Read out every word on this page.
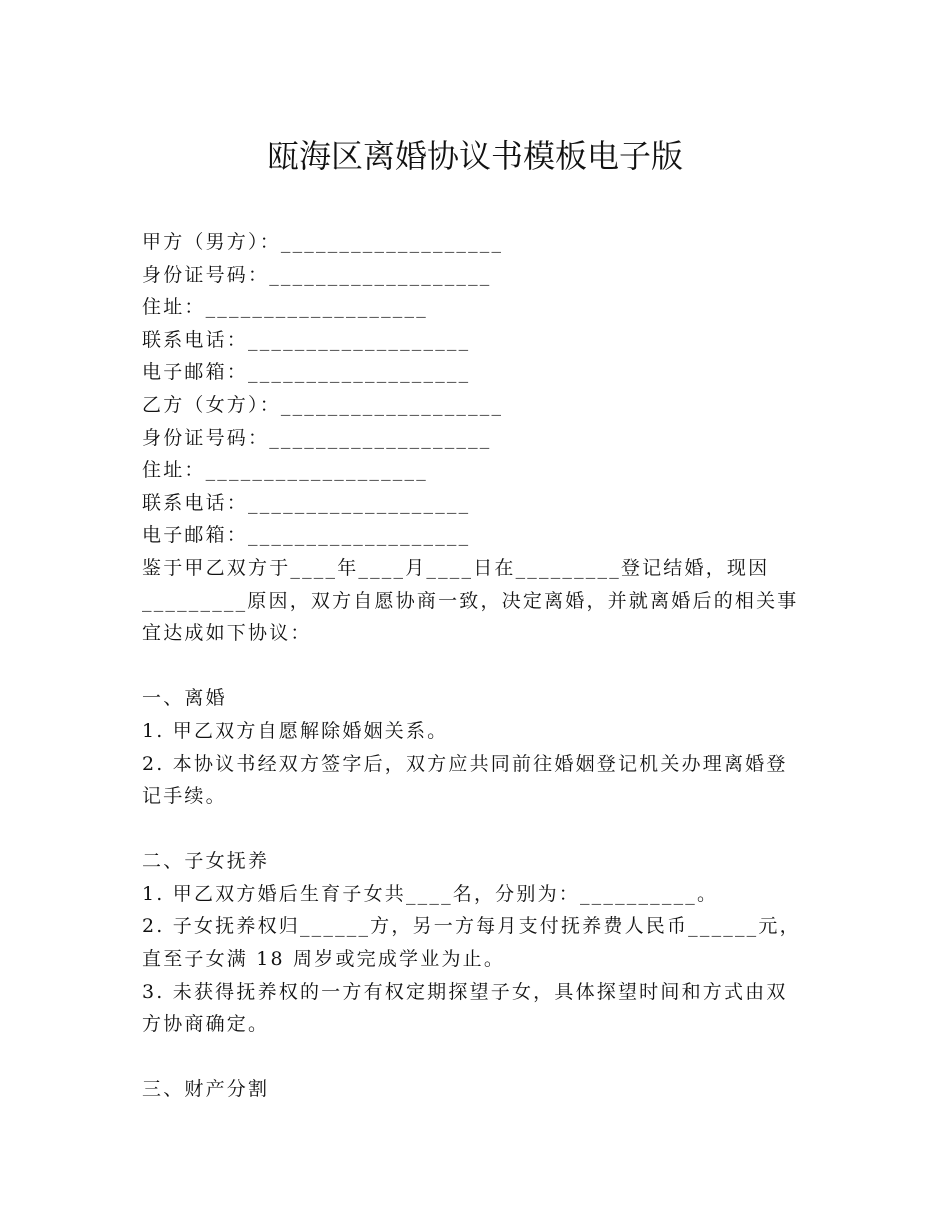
瓯海区离婚协议书模板电子版
甲方（男方）：___________________
身份证号码：___________________
住址：___________________
联系电话：___________________
电子邮箱：___________________
乙方（女方）：___________________
身份证号码：___________________
住址：___________________
联系电话：___________________
电子邮箱：___________________
鉴于甲乙双方于____年____月____日在_________登记结婚，现因
_________原因，双方自愿协商一致，决定离婚，并就离婚后的相关事
宜达成如下协议：
一、离婚
1. 甲乙双方自愿解除婚姻关系。
2. 本协议书经双方签字后，双方应共同前往婚姻登记机关办理离婚登
记手续。
二、子女抚养
1. 甲乙双方婚后生育子女共____名，分别为：__________。
2. 子女抚养权归______方，另一方每月支付抚养费人民币______元，
直至子女满 18 周岁或完成学业为止。
3. 未获得抚养权的一方有权定期探望子女，具体探望时间和方式由双
方协商确定。
三、财产分割
